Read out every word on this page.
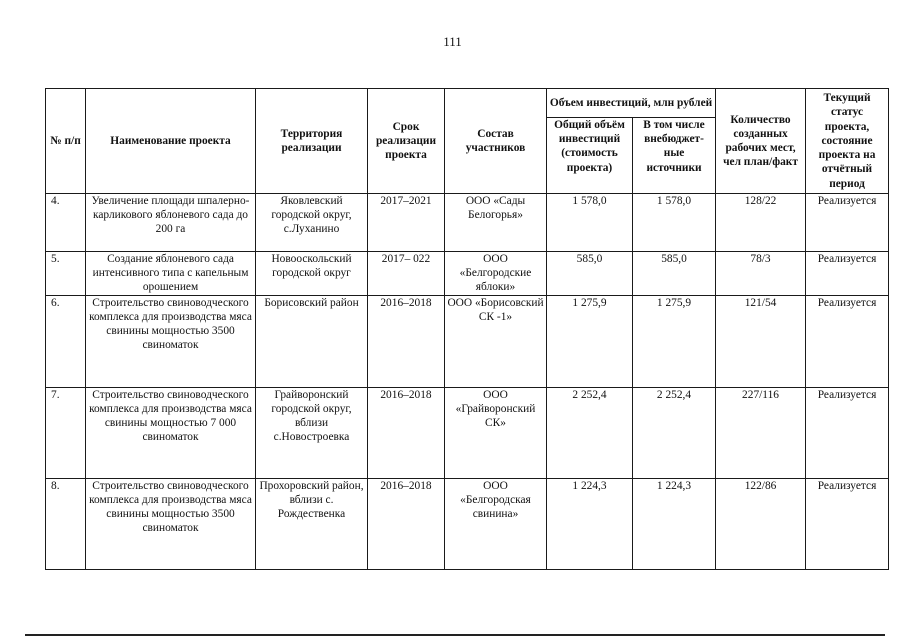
111
№ п/п	Наименование проекта	Территория реализации	Срок реализации проекта	Состав участников	Объем инвестиций, млн рублей		Количество созданных рабочих мест, чел план/факт	Текущий статус проекта, состояние проекта на отчётный период
					Общий объём инвестиций (стоимость проекта)	В том числе внебюджет-ные источники		
4.	Увеличение площади шпалерно-карликового яблоневого сада до 200 га	Яковлевский городской округ, с.Луханино	2017–2021	ООО «Сады Белогорья»	1 578,0	1 578,0	128/22	Реализуется
5.	Создание яблоневого сада интенсивного типа с капельным орошением	Новооскольский городской округ	2017– 022	ООО «Белгородские яблоки»	585,0	585,0	78/3	Реализуется
6.	Строительство свиноводческого комплекса для производства мяса свинины мощностью 3500 свиноматок	Борисовский район	2016–2018	ООО «Борисовский СК -1»	1 275,9	1 275,9	121/54	Реализуется
7.	Строительство свиноводческого комплекса для производства мяса свинины мощностью 7 000 свиноматок	Грайворонский городской округ, вблизи с.Новостроевка	2016–2018	ООО «Грайворонский СК»	2 252,4	2 252,4	227/116	Реализуется
8.	Строительство свиноводческого комплекса для производства мяса свинины мощностью 3500 свиноматок	Прохоровский район, вблизи с. Рождественка	2016–2018	ООО «Белгородская свинина»	1 224,3	1 224,3	122/86	Реализуется
